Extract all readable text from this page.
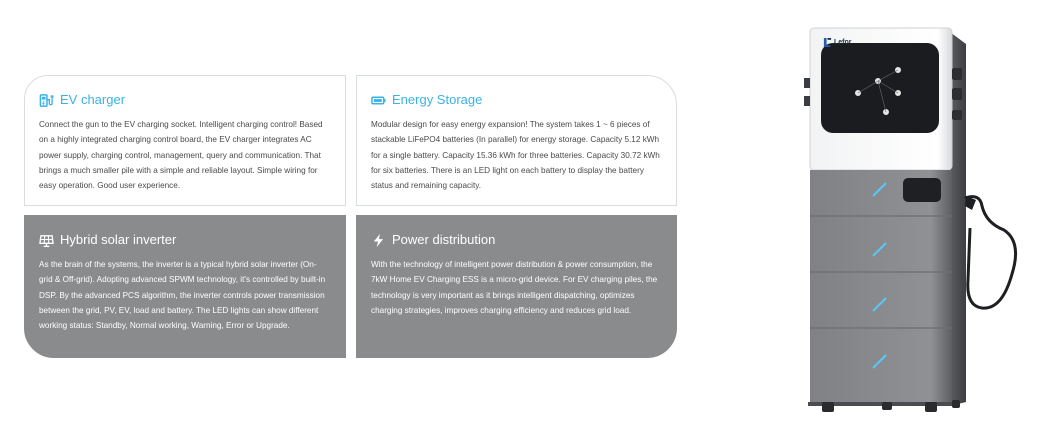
EV charger
Connect the gun to the EV charging socket. Intelligent charging control! Based on a highly integrated charging control board, the EV charger integrates AC power supply, charging control, management, query and communication. That brings a much smaller pile with a simple and reliable layout. Simple wiring for easy operation. Good user experience.
Energy Storage
Modular design for easy energy expansion! The system takes 1 ~ 6 pieces of stackable LiFePO4 batteries (In parallel) for energy storage. Capacity 5.12 kWh for a single battery. Capacity 15.36 kWh for three batteries. Capacity 30.72 kWh for six batteries. There is an LED light on each battery to display the battery status and remaining capacity.
Hybrid solar inverter
As the brain of the systems, the inverter is a typical hybrid solar inverter (On-grid & Off-grid). Adopting advanced SPWM technology, it's controlled by built-in DSP. By the advanced PCS algorithm, the inverter controls power transmission between the grid, PV, EV, load and battery. The LED lights can show different working status: Standby, Normal working, Warning, Error or Upgrade.
Power distribution
With the technology of intelligent power distribution & power consumption, the 7kW Home EV Charging ESS is a micro-grid device. For EV charging piles, the technology is very important as it brings intelligent dispatching, optimizes charging strategies, improves charging efficiency and reduces grid load.
Lefor
